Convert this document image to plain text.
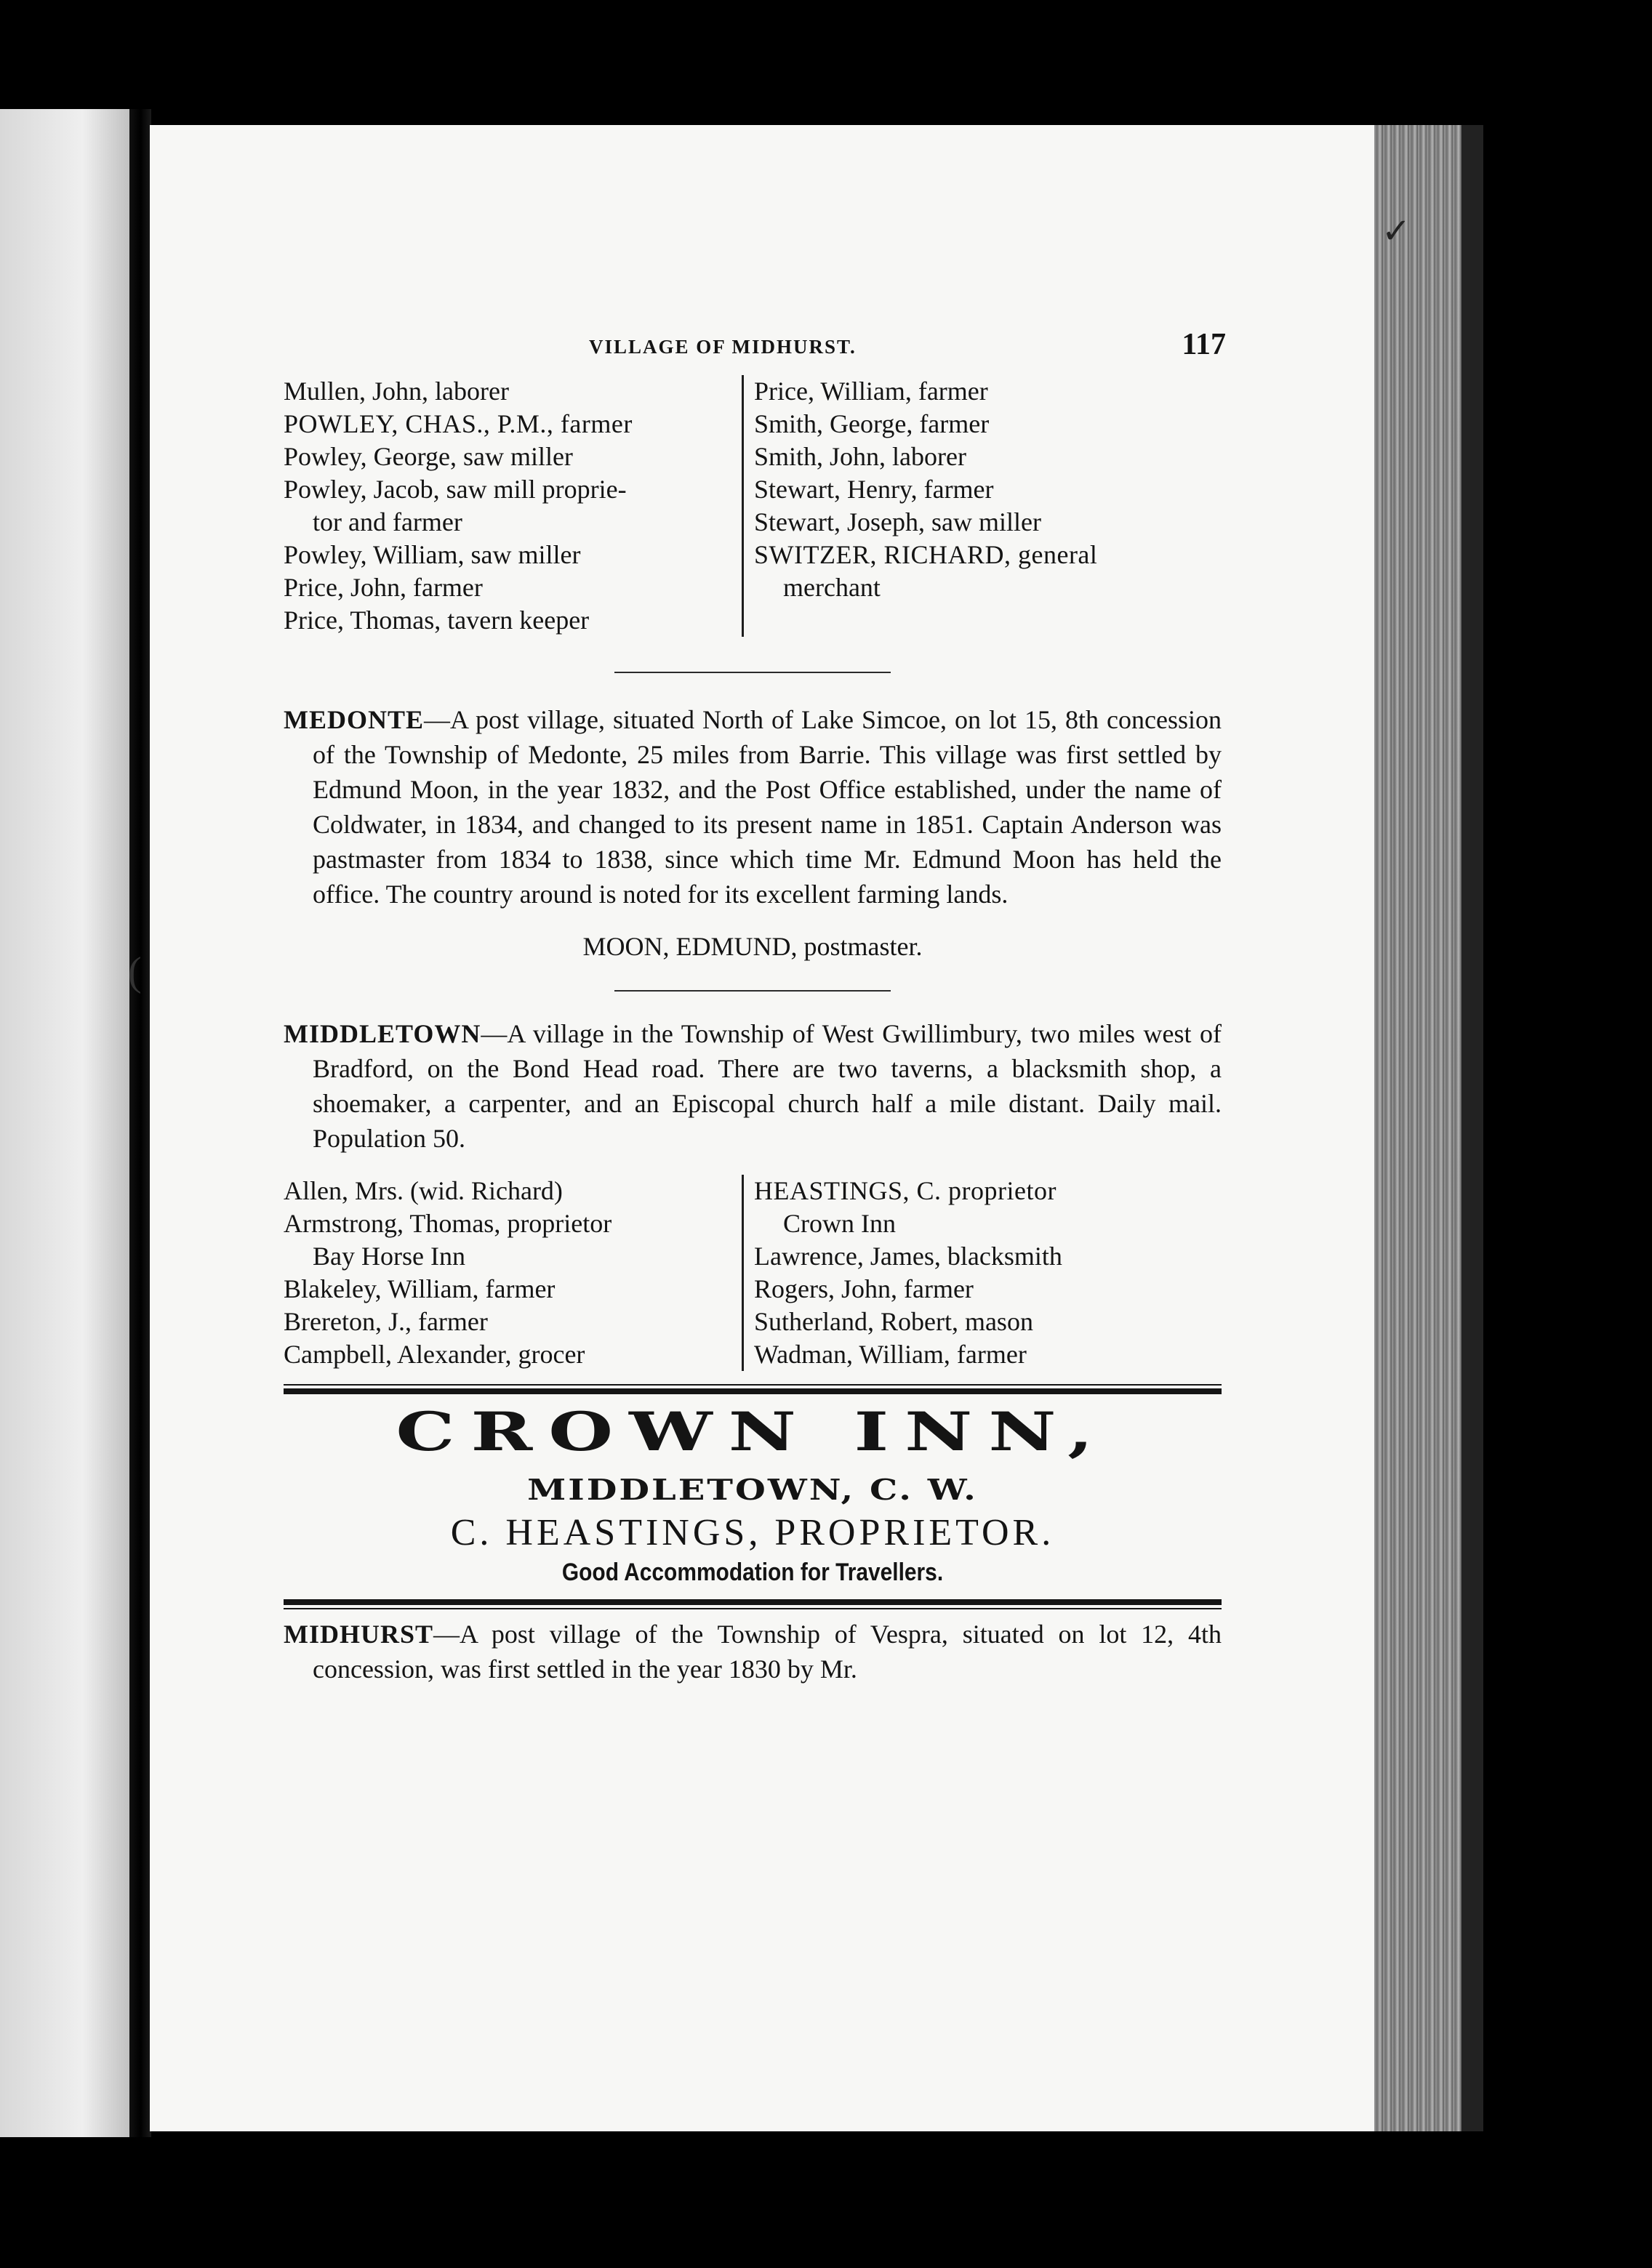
✓
(
VILLAGE OF MIDHURST.	117
Mullen, John, laborer
POWLEY, CHAS., P.M., farmer
Powley, George, saw miller
Powley, Jacob, saw mill proprie-
tor and farmer
Powley, William, saw miller
Price, John, farmer
Price, Thomas, tavern keeper
Price, William, farmer
Smith, George, farmer
Smith, John, laborer
Stewart, Henry, farmer
Stewart, Joseph, saw miller
SWITZER, RICHARD, general
merchant
MEDONTE—A post village, situated North of Lake Simcoe, on lot 15, 8th concession of the Township of Medonte, 25 miles from Barrie. This village was first settled by Edmund Moon, in the year 1832, and the Post Office established, under the name of Coldwater, in 1834, and changed to its present name in 1851. Captain Anderson was pastmaster from 1834 to 1838, since which time Mr. Edmund Moon has held the office. The country around is noted for its excellent farming lands.
MOON, EDMUND, postmaster.
MIDDLETOWN—A village in the Township of West Gwillimbury, two miles west of Bradford, on the Bond Head road. There are two taverns, a blacksmith shop, a shoemaker, a carpenter, and an Episcopal church half a mile distant. Daily mail. Population 50.
Allen, Mrs. (wid. Richard)
Armstrong, Thomas, proprietor
Bay Horse Inn
Blakeley, William, farmer
Brereton, J., farmer
Campbell, Alexander, grocer
HEASTINGS, C. proprietor
Crown Inn
Lawrence, James, blacksmith
Rogers, John, farmer
Sutherland, Robert, mason
Wadman, William, farmer
CROWN INN,
MIDDLETOWN, C. W.
C. HEASTINGS, PROPRIETOR.
Good Accommodation for Travellers.
MIDHURST—A post village of the Township of Vespra, situated on lot 12, 4th concession, was first settled in the year 1830 by Mr.
